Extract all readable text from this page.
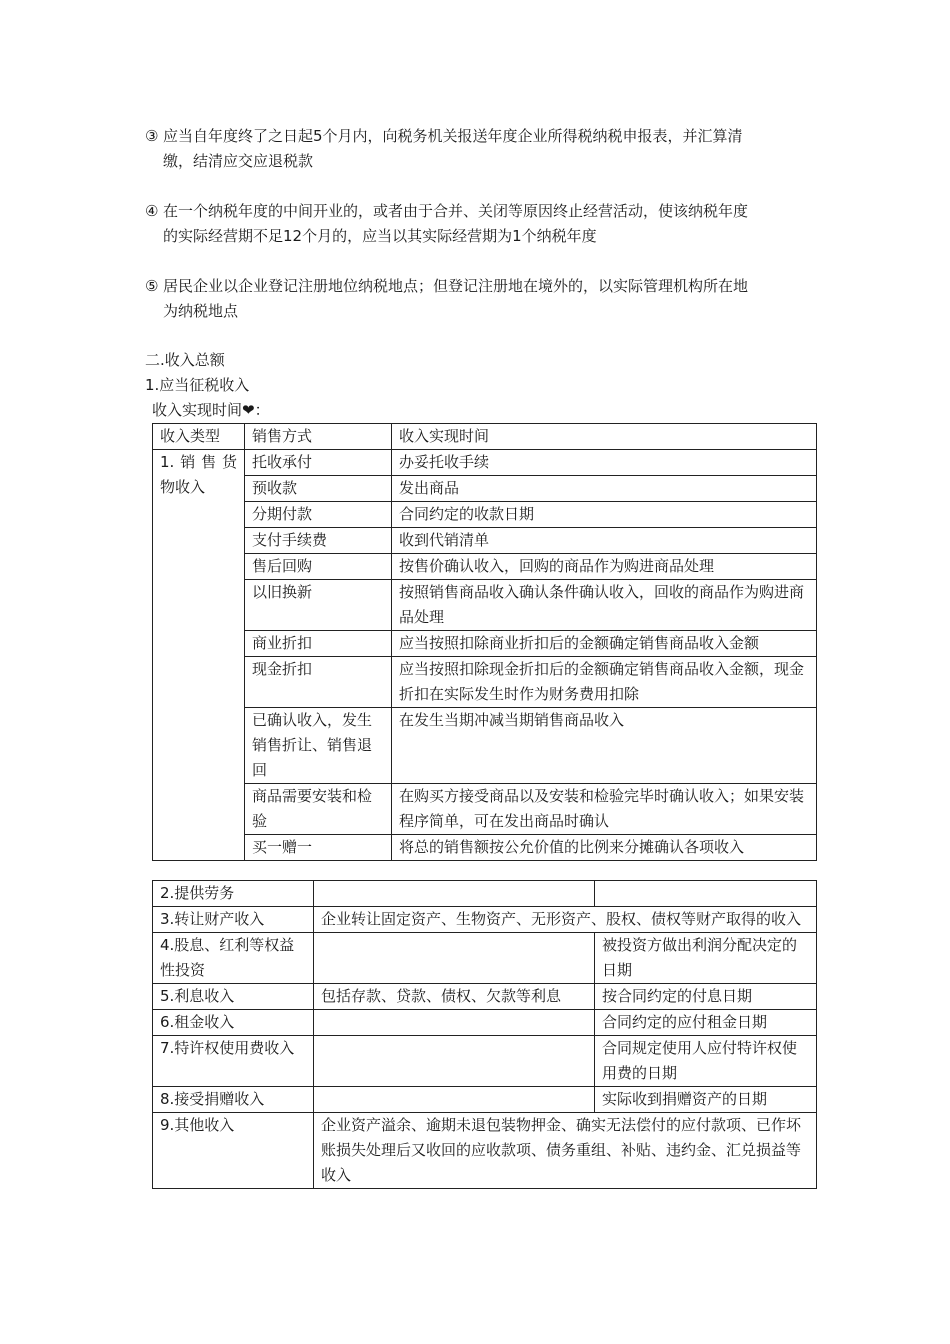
③ 应当自年度终了之日起5个月内，向税务机关报送年度企业所得税纳税申报表，并汇算清
缴，结清应交应退税款
④ 在一个纳税年度的中间开业的，或者由于合并、关闭等原因终止经营活动，使该纳税年度
的实际经营期不足12个月的，应当以其实际经营期为1个纳税年度
⑤ 居民企业以企业登记注册地位纳税地点；但登记注册地在境外的，以实际管理机构所在地
为纳税地点
二.收入总额
1.应当征税收入
收入实现时间❤：
收入类型	销售方式	收入实现时间

1.销售货
物收入	托收承付	办妥托收手续
	预收款	发出商品
	分期付款	合同约定的收款日期
	支付手续费	收到代销清单
	售后回购	按售价确认收入，回购的商品作为购进商品处理
	以旧换新	按照销售商品收入确认条件确认收入，回收的商品作为购进商品处理
	商业折扣	应当按照扣除商业折扣后的金额确定销售商品收入金额
	现金折扣	应当按照扣除现金折扣后的金额确定销售商品收入金额，现金折扣在实际发生时作为财务费用扣除
	已确认收入，发生销售折让、销售退回	在发生当期冲减当期销售商品收入
	商品需要安装和检验	在购买方接受商品以及安装和检验完毕时确认收入；如果安装程序简单，可在发出商品时确认
	买一赠一	将总的销售额按公允价值的比例来分摊确认各项收入
2.提供劳务		
3.转让财产收入	企业转让固定资产、生物资产、无形资产、股权、债权等财产取得的收入	
4.股息、红利等权益性投资		被投资方做出利润分配决定的日期
5.利息收入	包括存款、贷款、债权、欠款等利息	按合同约定的付息日期
6.租金收入		合同约定的应付租金日期
7.特许权使用费收入		合同规定使用人应付特许权使用费的日期
8.接受捐赠收入		实际收到捐赠资产的日期
9.其他收入	企业资产溢余、逾期未退包装物押金、确实无法偿付的应付款项、已作坏账损失处理后又收回的应收款项、债务重组、补贴、违约金、汇兑损益等收入	
